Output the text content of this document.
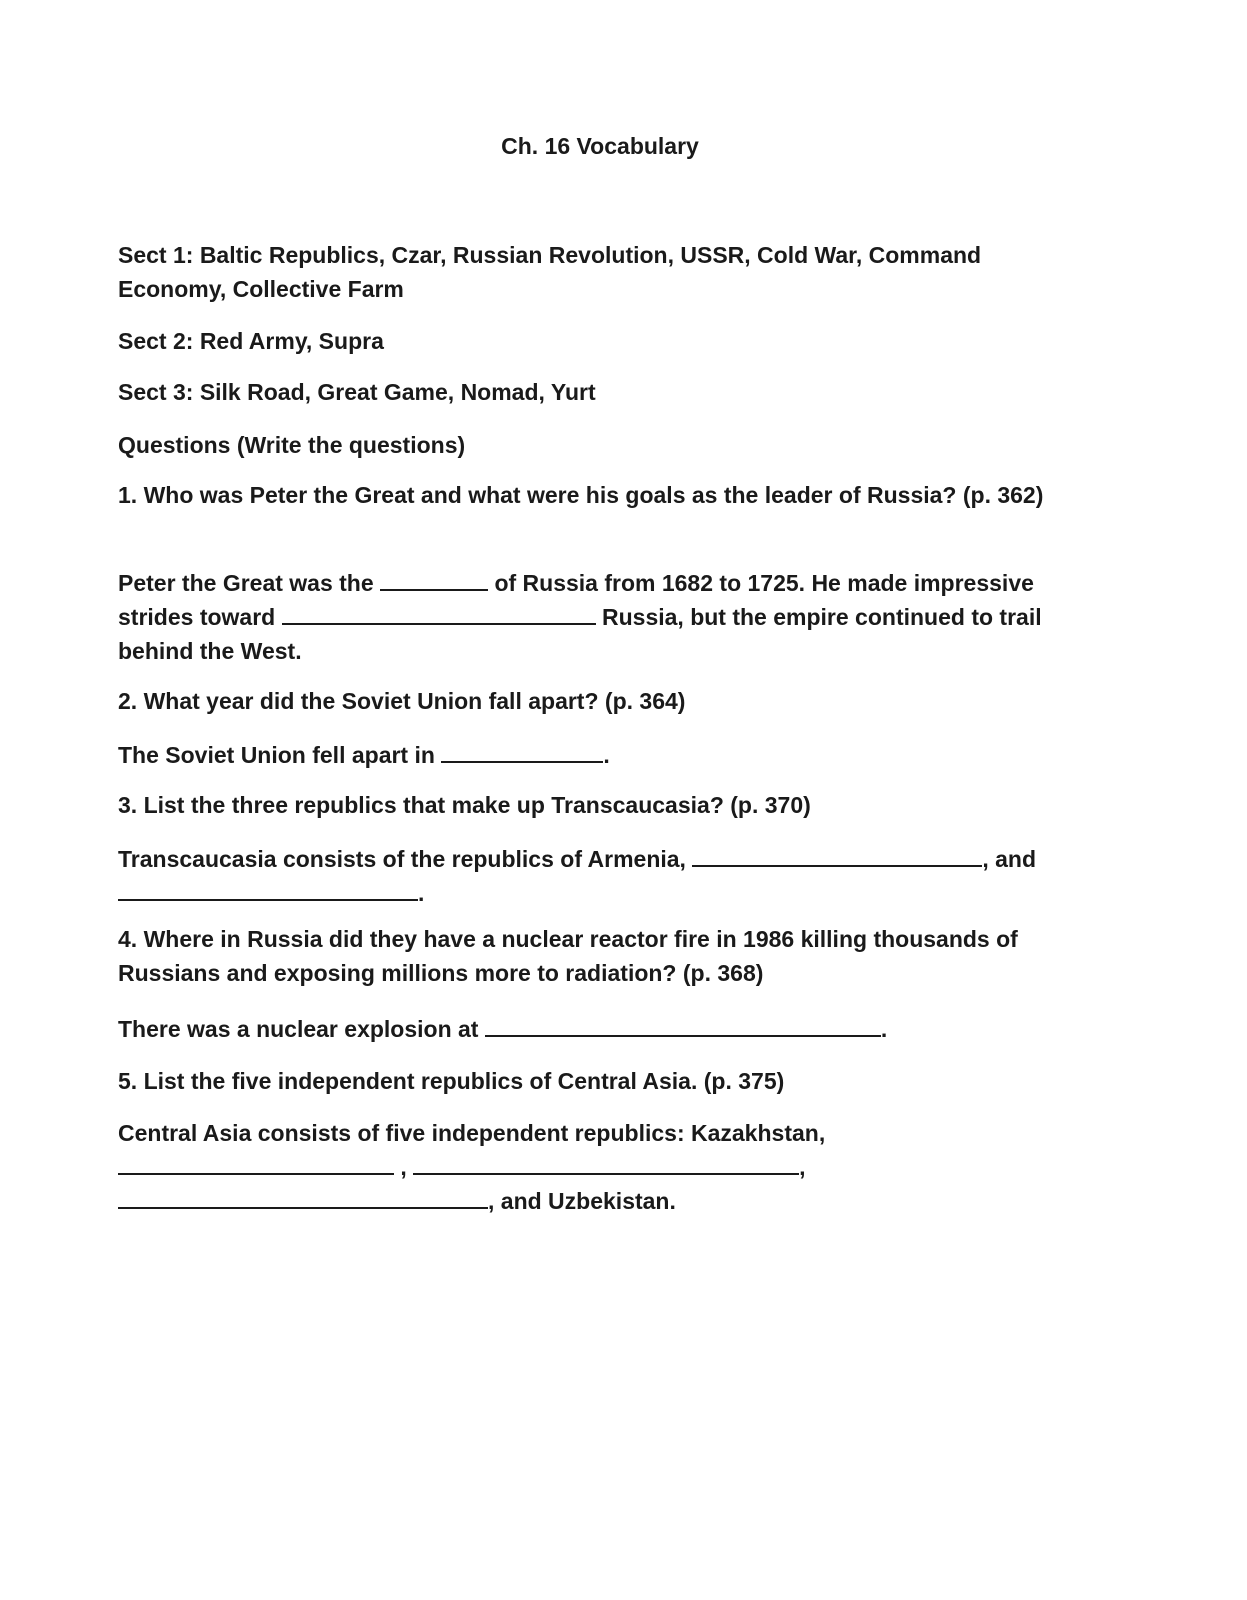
Ch. 16 Vocabulary

Sect 1: Baltic Republics, Czar, Russian Revolution, USSR, Cold War, Command Economy, Collective Farm

Sect 2: Red Army, Supra

Sect 3: Silk Road, Great Game, Nomad, Yurt

Questions (Write the questions)

1. Who was Peter the Great and what were his goals as the leader of Russia? (p. 362)

Peter the Great was the	of Russia from 1682 to 1725. He made impressive strides toward	Russia, but the empire continued to trail behind the West.

2. What year did the Soviet Union fall apart? (p. 364)

The Soviet Union fell apart in	.

3. List the three republics that make up Transcaucasia? (p. 370)

Transcaucasia consists of the republics of Armenia,	, and .

4. Where in Russia did they have a nuclear reactor fire in 1986 killing thousands of Russians and exposing millions more to radiation? (p. 368)

There was a nuclear explosion at	.

5. List the five independent republics of Central Asia. (p. 375)

Central Asia consists of five independent republics: Kazakhstan,
,	,
, and Uzbekistan.
